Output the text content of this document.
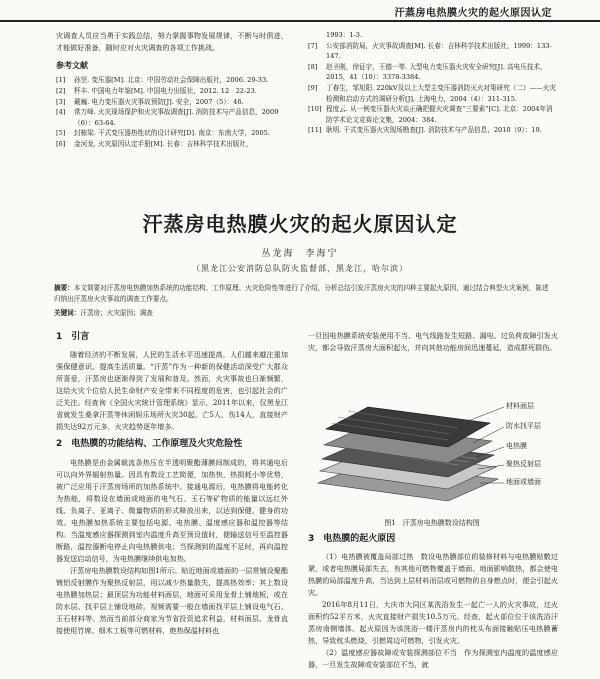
汗蒸房电热膜火灾的起火原因认定

灾调查人员应当勇于实践总结，努力掌握事物发展规律，不断与时俱进，才能做好准备，随时应对火灾调查的各项工作挑战。

参考文献
[1]	孙坚. 变压器[M]. 北京：中国劳动社会保障出版社，2006. 29-33.
[2]	杯丰. 中国电力年鉴[M]. 中国电力出版社，2012. 12　22-23.
[3]	戴巍. 电力变压器火灾事故预防[J]. 安全，2007（5）：46.
[4]	常万峰. 火灾现场保护和火灾事故调查[J]. 消防技术与产品信息，2009（6）：63-64.
[5]	封栋梁. 干式变压器热性状的设计研究[D]. 南京：东南大学，2005.
[6]	金河龙. 火灾原因认定手册[M]. 长春：吉林科学技术出版社，
1993：1-3.
[7]	公安部消防局，火灾事故调查[M]. 长春：吉林科学技术出版社，1999：133-147.
[8]	赵圣刚，徐征宇，王德一等. 大型电力变压器火灾安全研究[J]. 高电压技术，2015，41（10）：3378-3384.
[9]	丁春生，邹旭阳. 220kV及以上大型主变压器消防灭火对策研究（二）——火灾检测和启动方式的调研分析[J]. 上海电力，2004（4）：311-315.
[10] 程度云. 从一例变压器火灾谈正确把握火灾调查“三要素”[C]. 北京：2004年消防学术论文竞赛论文集，2004：384.
[11] 耿明. 干式变压器火灾现场勘查[J]. 消防技术与产品信息，2010（9）：19.
汗蒸房电热膜火灾的起火原因认定
丛龙海　李海宁
（黑龙江公安消防总队防火监督部，黑龙江，哈尔滨）
摘要：本文简要对汗蒸房电热膜加热系统的功能结构、工作原理、火灾危险性等进行了介绍，分析总结引发汗蒸房火灾的四种主要起火原因，通过结合典型火灾案例，陈述归纳出汗蒸房火灾事故的调查工作要点。
关键词：汗蒸房；火灾原因；调查
1　引言

随着经济的不断发展，人民的生活水平迅速提高，人们越来越注重加强保健意识、提高生活质量。“汗蒸”作为一种新的保健活动深受广大群众所喜爱，汗蒸房也逐渐得到了发展和普及。然而，火灾事故也日渐频繁，这给火灾个位给人民生命财产安全带来不同程度的危害，也引起社会的广泛关注。经查询《全国火灾统计管理系统》显示，2011年以来，仅黑龙江省就发生桑拿汗蒸等休闲娱乐场所火灾30起，亡5人，伤14人，直接财产损失达92万元多，火灾趋势逐年增多。

2　电热膜的功能结构、工作原理及火灾危险性

电热膜是由金属载流条热压在半透明聚酯薄膜间制成的，将其通电后可以向外界辐射热量。因具有数设工艺简便，加热快，热损耗小等优势，被广泛应用于汗蒸房场所的加热系统中。接通电源后，电热膜将电能转化为热能，将数设在墙面或地面的电气石、玉石等矿物质的能量以远红外线、负离子、亚离子、微量物质的形式释放出来，以达到保健、健身的功效。电热膜加热系统主要包括电源、电热膜、温度感应器和温控器等结构。当温度感应器探测到室内温度升高至预设值时，便输送信号至温控器断路，温控器断电停止向电热膜供电；当探测到的温度不足时，再向温控器发送启动信号，为电热膜继续供电加热。

汗蒸房电热膜数设结构如图1所示。贴近地面或墙面的一层常铺设聚酯镀铝反射膜作为聚热反射层，用以减少热量散失，提高热效率；其上数设电热膜加热层；最顶层为功能材料面层，地面可采用龙骨上铺地板，或在防水层、找平层上铺设地砖。视频需要一般在墙面找平层上铺设电气石、玉石材料等。然而当前部分商家为节省投资追求利益，材料面层、龙骨直接使用竹席、细木工板等可燃材料，绝热保温材料也

一旦因电热膜系统安装使用不当、电气线路发生短路、漏电、过负荷故障引发火灾，都会导致汗蒸房大面积起火，并向其他功能房间迅速蔓延，造成群死群伤。

材料面层
防水找平层
电热膜
聚热反射层
地面或墙面
图1　汗蒸房电热膜数设结构图
3　电热膜的起火原因

（1）电热膜被覆盖局部过热　数设电热膜部位的装修材料与电热膜贴敷过紧，或者电热膜局部失去，有其他可燃物覆盖于墙面、地面影响散热，都会使电热膜的局部温度升高，当达到上层材料而层或可燃物的自身燃点时，便会引起火灾。

2016年8月11日，大庆市大同区某洗浴发生一起亡一人的火灾事故，过火面积约52平方米，火灾直接财产损失10.5万元。经查，起火部位位于该洗浴汗蒸房南侧墙体。起火原因为该洗浴一楼汗蒸房内的枕头布面接触贴压电热膜蓄热，导致枕头燃烧，引燃周边可燃物，引发火灾。

（2）温度感应器故障或安装探测部位不当　作为探测室内温度的温度感应器，一旦发生故障或安装部位不当，就
